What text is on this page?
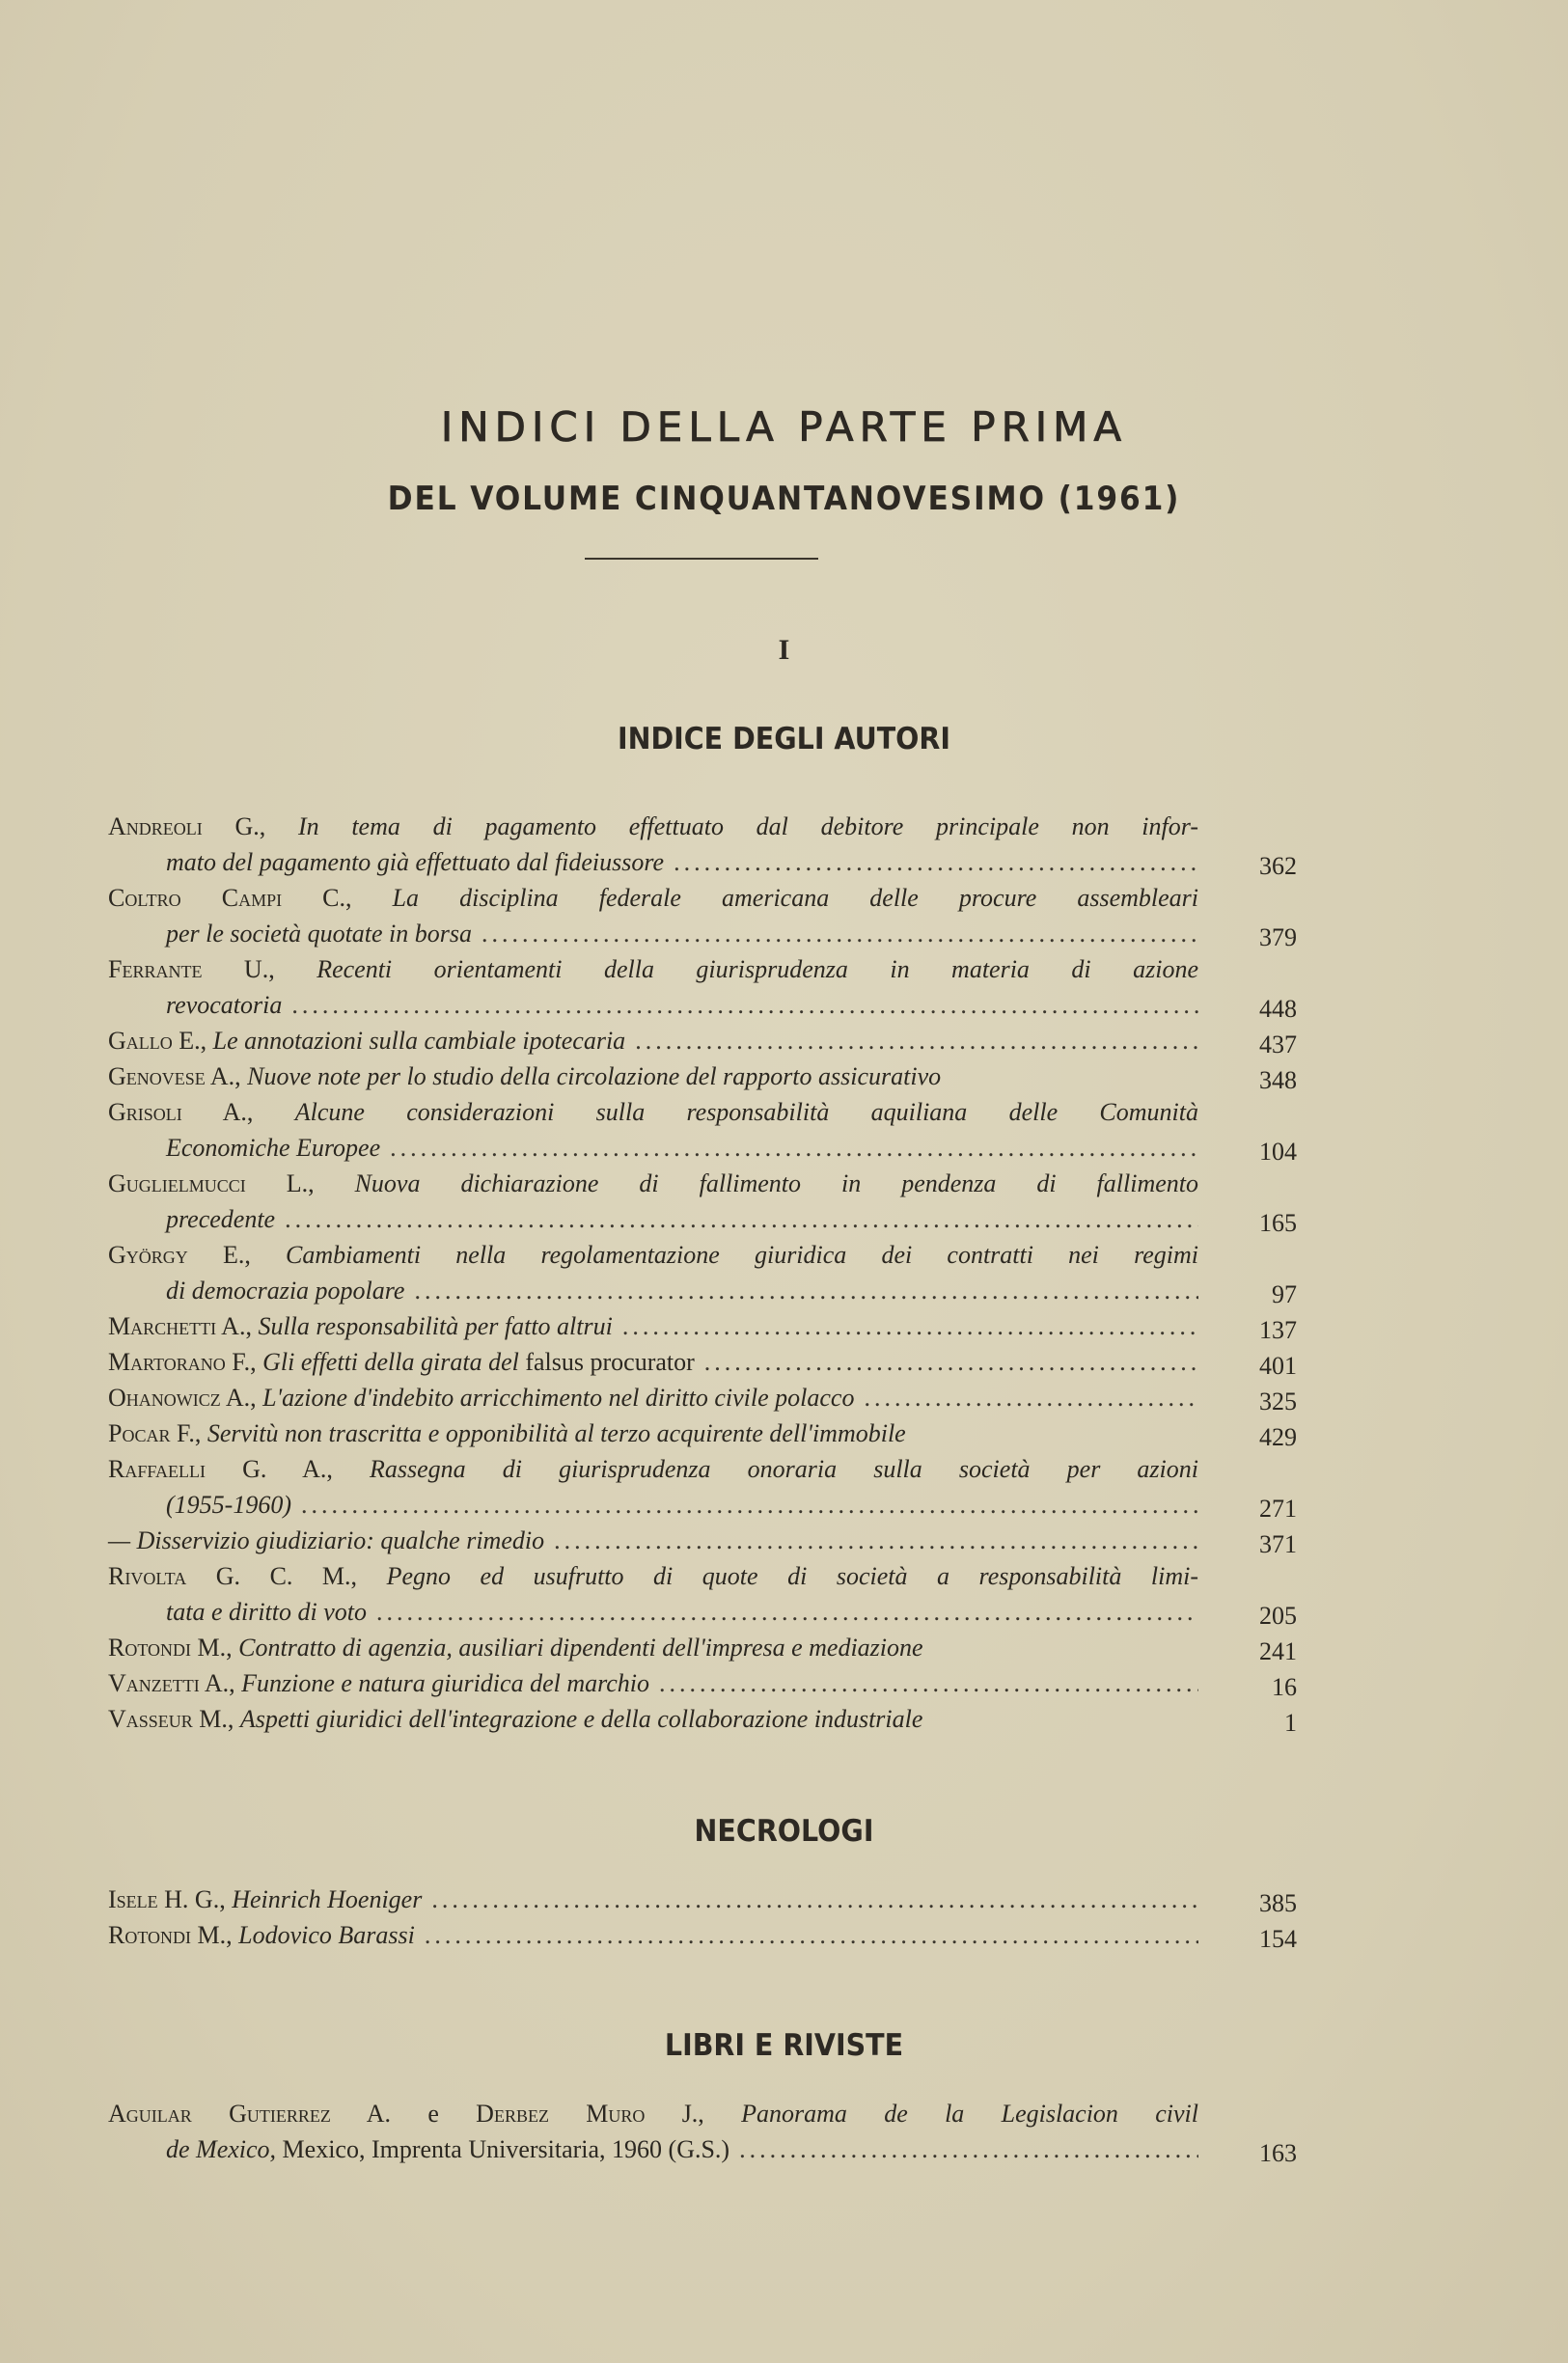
INDICI DELLA PARTE PRIMA
DEL VOLUME CINQUANTANOVESIMO (1961)
I
INDICE DEGLI AUTORI
Andreoli G., In tema di pagamento effettuato dal debitore principale non infor-
mato del pagamento già effettuato dal fideiussore .....	362
Coltro Campi C., La disciplina federale americana delle procure assembleari
per le società quotate in borsa .....	379
Ferrante U., Recenti orientamenti della giurisprudenza in materia di azione
revocatoria .....	448
Gallo E., Le annotazioni sulla cambiale ipotecaria .....	437
Genovese A., Nuove note per lo studio della circolazione del rapporto assicurativo	348
Grisoli A., Alcune considerazioni sulla responsabilità aquiliana delle Comunità
Economiche Europee .....	104
Guglielmucci L., Nuova dichiarazione di fallimento in pendenza di fallimento
precedente .....	165
György E., Cambiamenti nella regolamentazione giuridica dei contratti nei regimi
di democrazia popolare .....	97
Marchetti A., Sulla responsabilità per fatto altrui .....	137
Martorano F., Gli effetti della girata del falsus procurator .....	401
Ohanowicz A., L'azione d'indebito arricchimento nel diritto civile polacco .....	325
Pocar F., Servitù non trascritta e opponibilità al terzo acquirente dell'immobile	429
Raffaelli G. A., Rassegna di giurisprudenza onoraria sulla società per azioni
(1955-1960) .....	271
— Disservizio giudiziario: qualche rimedio .....	371
Rivolta G. C. M., Pegno ed usufrutto di quote di società a responsabilità limi-
tata e diritto di voto .....	205
Rotondi M., Contratto di agenzia, ausiliari dipendenti dell'impresa e mediazione	241
Vanzetti A., Funzione e natura giuridica del marchio .....	16
Vasseur M., Aspetti giuridici dell'integrazione e della collaborazione industriale	1
NECROLOGI
Isele H. G., Heinrich Hoeniger .....	385
Rotondi M., Lodovico Barassi .....	154
LIBRI E RIVISTE
Aguilar Gutierrez A. e Derbez Muro J., Panorama de la Legislacion civil
de Mexico, Mexico, Imprenta Universitaria, 1960 (G.S.) .....	163
